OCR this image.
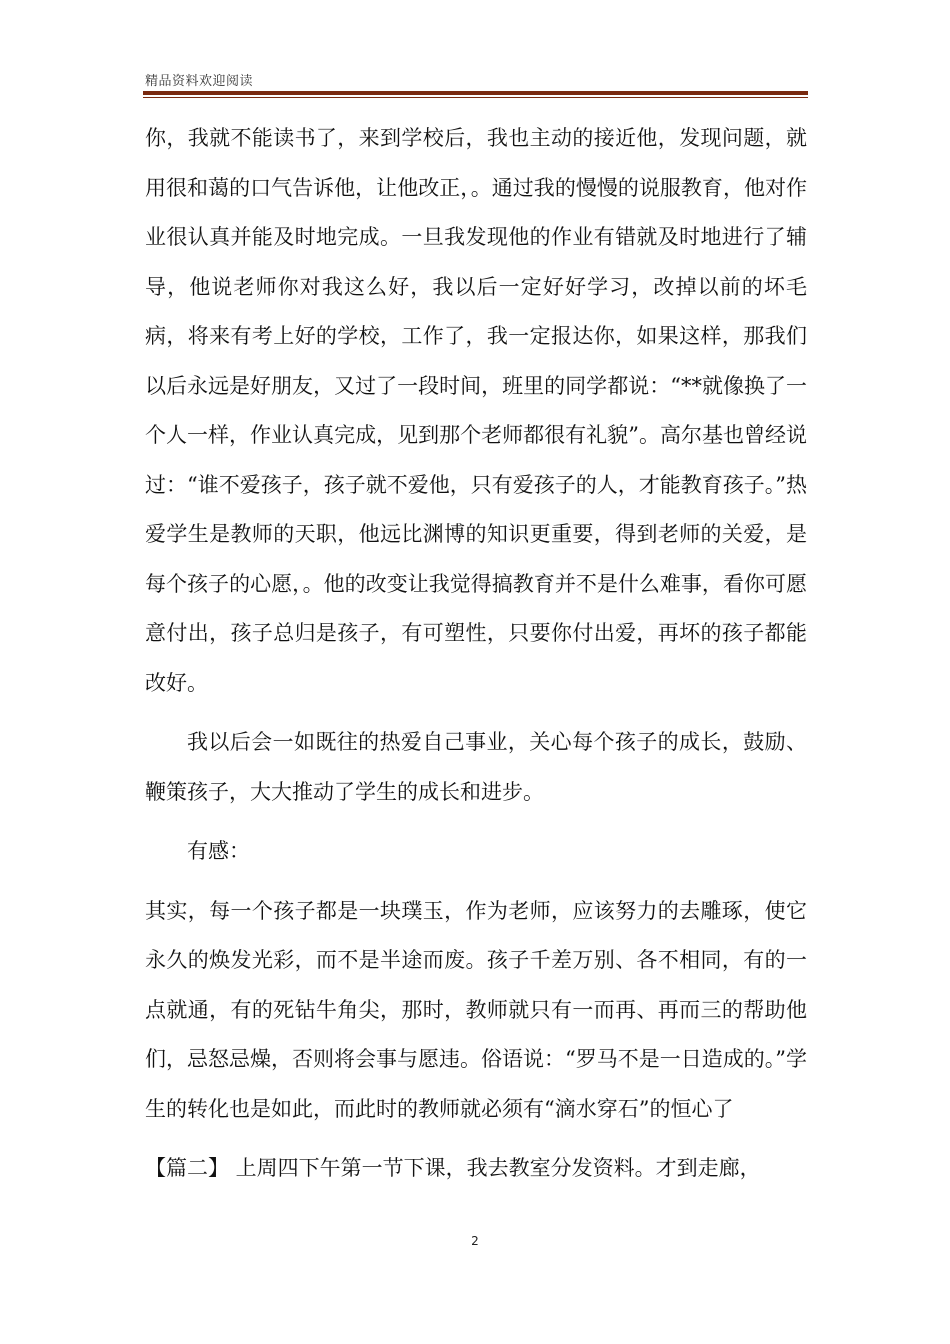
精品资料欢迎阅读

你，我就不能读书了，来到学校后，我也主动的接近他，发现问题，就用很和蔼的口气告诉他，让他改正，。通过我的慢慢的说服教育，他对作业很认真并能及时地完成。一旦我发现他的作业有错就及时地进行了辅导，他说老师你对我这么好，我以后一定好好学习，改掉以前的坏毛病，将来有考上好的学校，工作了，我一定报达你，如果这样，那我们以后永远是好朋友，又过了一段时间，班里的同学都说：“**就像换了一个人一样，作业认真完成，见到那个老师都很有礼貌”。高尔基也曾经说过：“谁不爱孩子，孩子就不爱他，只有爱孩子的人，才能教育孩子。”热爱学生是教师的天职，他远比渊博的知识更重要，得到老师的关爱，是每个孩子的心愿，。他的改变让我觉得搞教育并不是什么难事，看你可愿意付出，孩子总归是孩子，有可塑性，只要你付出爱，再坏的孩子都能改好。

我以后会一如既往的热爱自己事业，关心每个孩子的成长，鼓励、鞭策孩子，大大推动了学生的成长和进步。

有感：

其实，每一个孩子都是一块璞玉，作为老师，应该努力的去雕琢，使它永久的焕发光彩，而不是半途而废。孩子千差万别、各不相同，有的一点就通，有的死钻牛角尖，那时，教师就只有一而再、再而三的帮助他们，忌怒忌燥，否则将会事与愿违。俗语说：“罗马不是一日造成的。”学生的转化也是如此，而此时的教师就必须有“滴水穿石”的恒心了

【篇二】 上周四下午第一节下课，我去教室分发资料。才到走廊，

2
